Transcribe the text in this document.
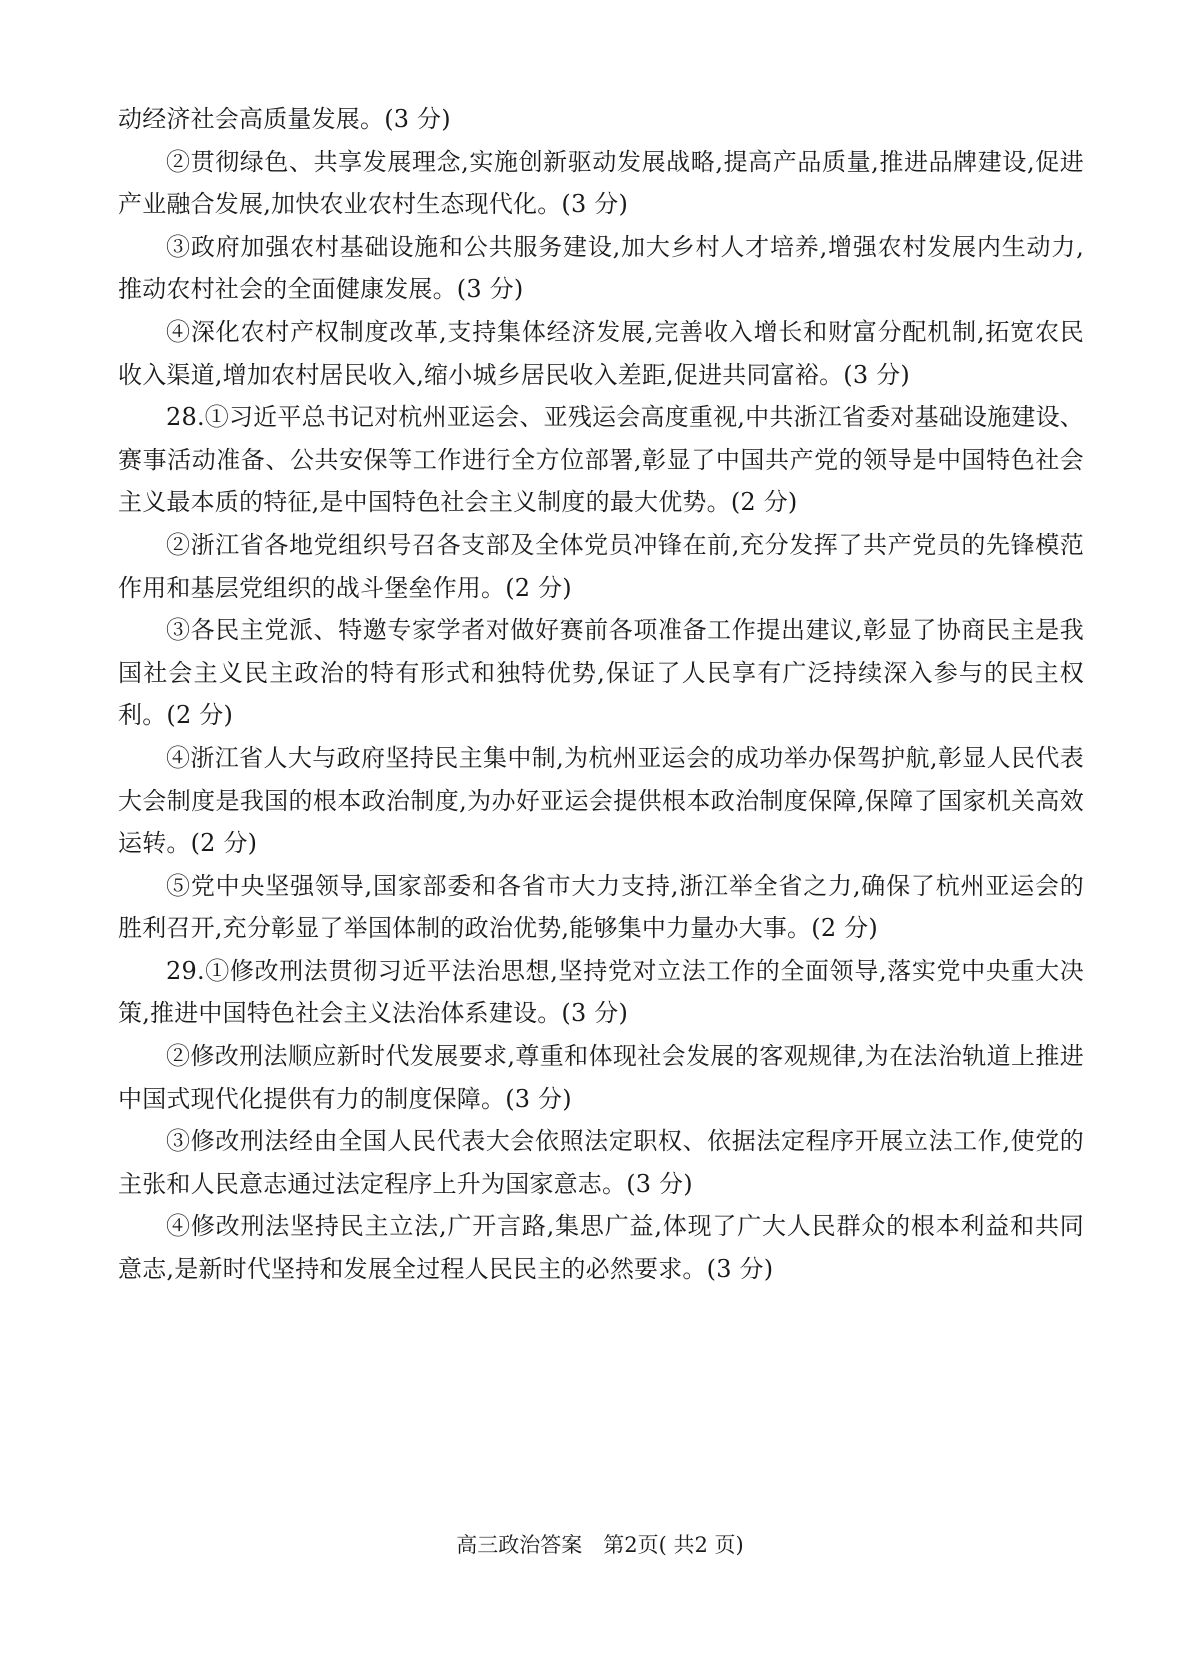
动经济社会高质量发展。(3 分)

②贯彻绿色、共享发展理念,实施创新驱动发展战略,提高产品质量,推进品牌建设,促进产业融合发展,加快农业农村生态现代化。(3 分)

③政府加强农村基础设施和公共服务建设,加大乡村人才培养,增强农村发展内生动力,推动农村社会的全面健康发展。(3 分)

④深化农村产权制度改革,支持集体经济发展,完善收入增长和财富分配机制,拓宽农民收入渠道,增加农村居民收入,缩小城乡居民收入差距,促进共同富裕。(3 分)

28.①习近平总书记对杭州亚运会、亚残运会高度重视,中共浙江省委对基础设施建设、赛事活动准备、公共安保等工作进行全方位部署,彰显了中国共产党的领导是中国特色社会主义最本质的特征,是中国特色社会主义制度的最大优势。(2 分)

②浙江省各地党组织号召各支部及全体党员冲锋在前,充分发挥了共产党员的先锋模范作用和基层党组织的战斗堡垒作用。(2 分)

③各民主党派、特邀专家学者对做好赛前各项准备工作提出建议,彰显了协商民主是我国社会主义民主政治的特有形式和独特优势,保证了人民享有广泛持续深入参与的民主权利。(2 分)

④浙江省人大与政府坚持民主集中制,为杭州亚运会的成功举办保驾护航,彰显人民代表大会制度是我国的根本政治制度,为办好亚运会提供根本政治制度保障,保障了国家机关高效运转。(2 分)

⑤党中央坚强领导,国家部委和各省市大力支持,浙江举全省之力,确保了杭州亚运会的胜利召开,充分彰显了举国体制的政治优势,能够集中力量办大事。(2 分)

29.①修改刑法贯彻习近平法治思想,坚持党对立法工作的全面领导,落实党中央重大决策,推进中国特色社会主义法治体系建设。(3 分)

②修改刑法顺应新时代发展要求,尊重和体现社会发展的客观规律,为在法治轨道上推进中国式现代化提供有力的制度保障。(3 分)

③修改刑法经由全国人民代表大会依照法定职权、依据法定程序开展立法工作,使党的主张和人民意志通过法定程序上升为国家意志。(3 分)

④修改刑法坚持民主立法,广开言路,集思广益,体现了广大人民群众的根本利益和共同意志,是新时代坚持和发展全过程人民民主的必然要求。(3 分)

高三政治答案　第2页( 共2 页)
